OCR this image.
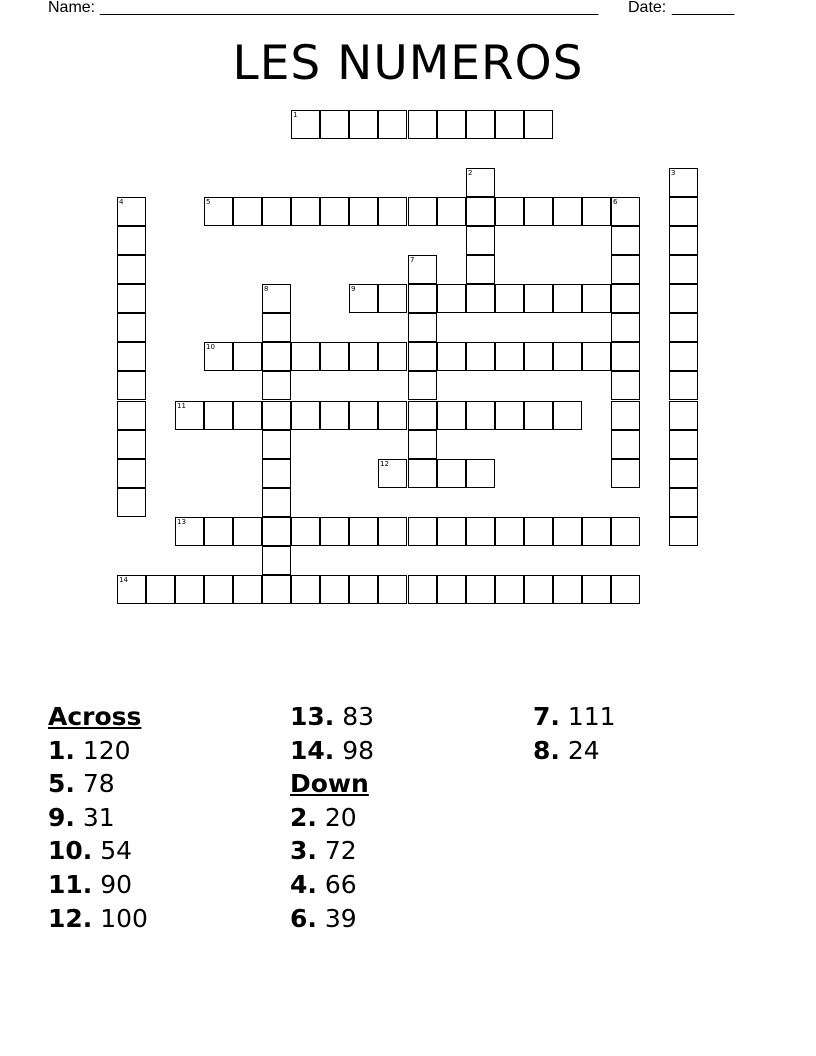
Name: ________________________________________________________ Date: _______
LES NUMEROS
1
2	3
4	5	6
7
8	9
10
11
12
13
14
Across
1. 120
5. 78
9. 31
10. 54
11. 90
12. 100
13. 83
14. 98
Down
2. 20
3. 72
4. 66
6. 39
7. 111
8. 24
